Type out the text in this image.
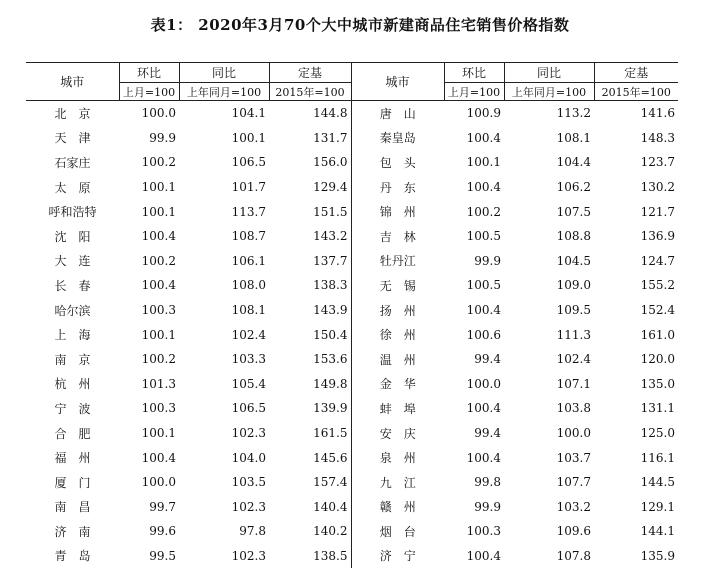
表1： 2020年3月70个大中城市新建商品住宅销售价格指数

城市	环比	同比	定基	城市	环比	同比	定基
	上月=100	上年同月=100	2015年=100		上月=100	上年同月=100	2015年=100
北　京	100.0	104.1	144.8	唐　山	100.9	113.2	141.6
天　津	99.9	100.1	131.7	秦皇岛	100.4	108.1	148.3
石家庄	100.2	106.5	156.0	包　头	100.1	104.4	123.7
太　原	100.1	101.7	129.4	丹　东	100.4	106.2	130.2
呼和浩特	100.1	113.7	151.5	锦　州	100.2	107.5	121.7
沈　阳	100.4	108.7	143.2	吉　林	100.5	108.8	136.9
大　连	100.2	106.1	137.7	牡丹江	99.9	104.5	124.7
长　春	100.4	108.0	138.3	无　锡	100.5	109.0	155.2
哈尔滨	100.3	108.1	143.9	扬　州	100.4	109.5	152.4
上　海	100.1	102.4	150.4	徐　州	100.6	111.3	161.0
南　京	100.2	103.3	153.6	温　州	99.4	102.4	120.0
杭　州	101.3	105.4	149.8	金　华	100.0	107.1	135.0
宁　波	100.3	106.5	139.9	蚌　埠	100.4	103.8	131.1
合　肥	100.1	102.3	161.5	安　庆	99.4	100.0	125.0
福　州	100.4	104.0	145.6	泉　州	100.4	103.7	116.1
厦　门	100.0	103.5	157.4	九　江	99.8	107.7	144.5
南　昌	99.7	102.3	140.4	赣　州	99.9	103.2	129.1
济　南	99.6	97.8	140.2	烟　台	100.3	109.6	144.1
青　岛	99.5	102.3	138.5	济　宁	100.4	107.8	135.9
